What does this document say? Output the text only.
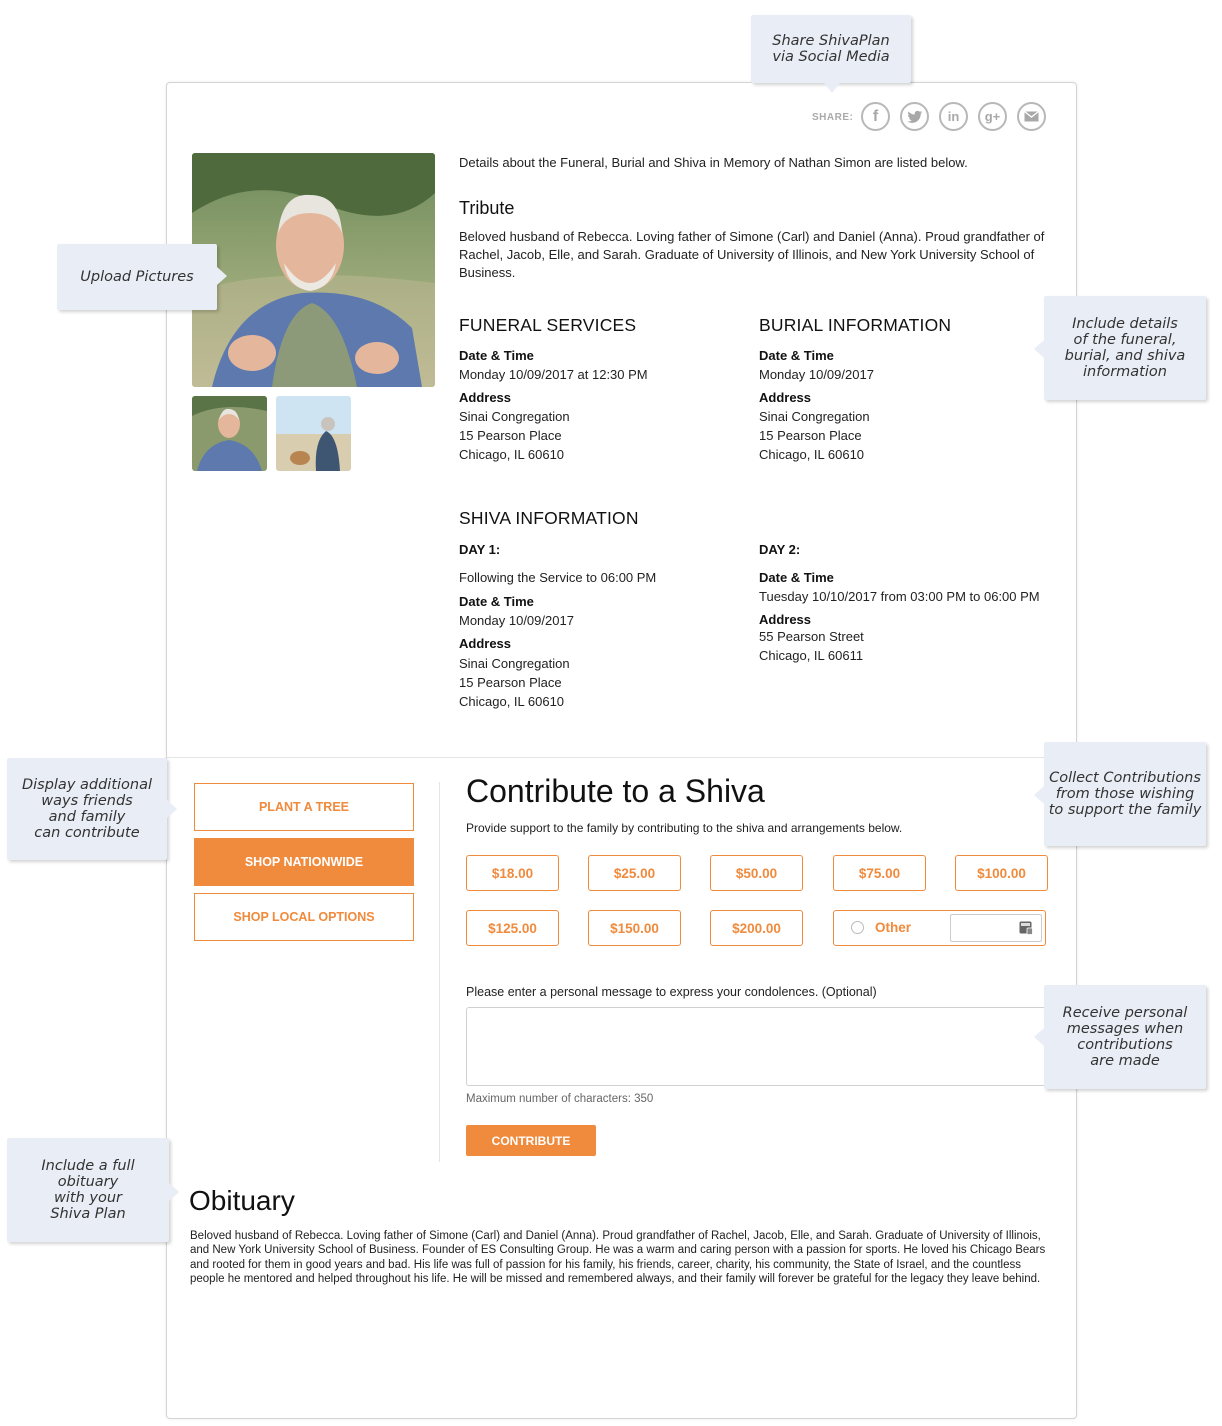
SHARE:	f	in	g+
Details about the Funeral, Burial and Shiva in Memory of Nathan Simon are listed below.
Tribute
Beloved husband of Rebecca. Loving father of Simone (Carl) and Daniel (Anna). Proud grandfather of Rachel, Jacob, Elle, and Sarah. Graduate of University of Illinois, and New York University School of Business.
FUNERAL SERVICES
Date & Time
Monday 10/09/2017 at 12:30 PM
Address
Sinai Congregation
15 Pearson Place
Chicago, IL 60610
BURIAL INFORMATION
Date & Time
Monday 10/09/2017
Address
Sinai Congregation
15 Pearson Place
Chicago, IL 60610
SHIVA INFORMATION
DAY 1:
Following the Service to 06:00 PM
Date & Time
Monday 10/09/2017
Address
Sinai Congregation
15 Pearson Place
Chicago, IL 60610
DAY 2:
Date & Time
Tuesday 10/10/2017 from 03:00 PM to 06:00 PM
Address
55 Pearson Street
Chicago, IL 60611
PLANT A TREE
SHOP NATIONWIDE
SHOP LOCAL OPTIONS
Contribute to a Shiva
Provide support to the family by contributing to the shiva and arrangements below.
$18.00	$25.00	$50.00	$75.00	$100.00
$125.00	$150.00	$200.00	Other
Please enter a personal message to express your condolences. (Optional)
Maximum number of characters: 350
CONTRIBUTE
Obituary
Beloved husband of Rebecca. Loving father of Simone (Carl) and Daniel (Anna). Proud grandfather of Rachel, Jacob, Elle, and Sarah. Graduate of University of Illinois, and New York University School of Business. Founder of ES Consulting Group. He was a warm and caring person with a passion for sports. He loved his Chicago Bears and rooted for them in good years and bad. His life was full of passion for his family, his friends, career, charity, his community, the State of Israel, and the countless people he mentored and helped throughout his life. He will be missed and remembered always, and their family will forever be grateful for the legacy they leave behind.
Share ShivaPlan
via Social Media
Upload Pictures
Include details
of the funeral,
burial, and shiva
information
Display additional
ways friends
and family
can contribute
Collect Contributions
from those wishing
to support the family
Receive personal
messages when
contributions
are made
Include a full
obituary
with your
Shiva Plan
